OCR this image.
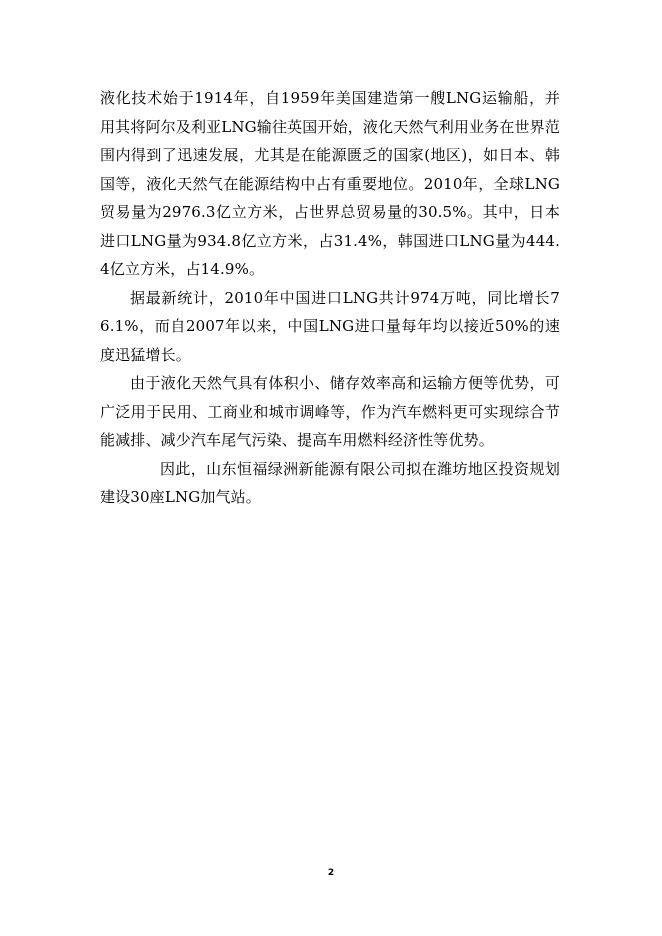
液化技术始于1914年，自1959年美国建造第一艘LNG运输船，并用其将阿尔及利亚LNG输往英国开始，液化天然气利用业务在世界范围内得到了迅速发展，尤其是在能源匮乏的国家(地区)，如日本、韩国等，液化天然气在能源结构中占有重要地位。2010年，全球LNG贸易量为2976.3亿立方米，占世界总贸易量的30.5%。其中，日本进口LNG量为934.8亿立方米，占31.4%，韩国进口LNG量为444.4亿立方米，占14.9%。

据最新统计，2010年中国进口LNG共计974万吨，同比增长76.1%，而自2007年以来，中国LNG进口量每年均以接近50%的速度迅猛增长。

由于液化天然气具有体积小、储存效率高和运输方便等优势，可广泛用于民用、工商业和城市调峰等，作为汽车燃料更可实现综合节能减排、减少汽车尾气污染、提高车用燃料经济性等优势。

因此，山东恒福绿洲新能源有限公司拟在潍坊地区投资规划建设30座LNG加气站。

2
